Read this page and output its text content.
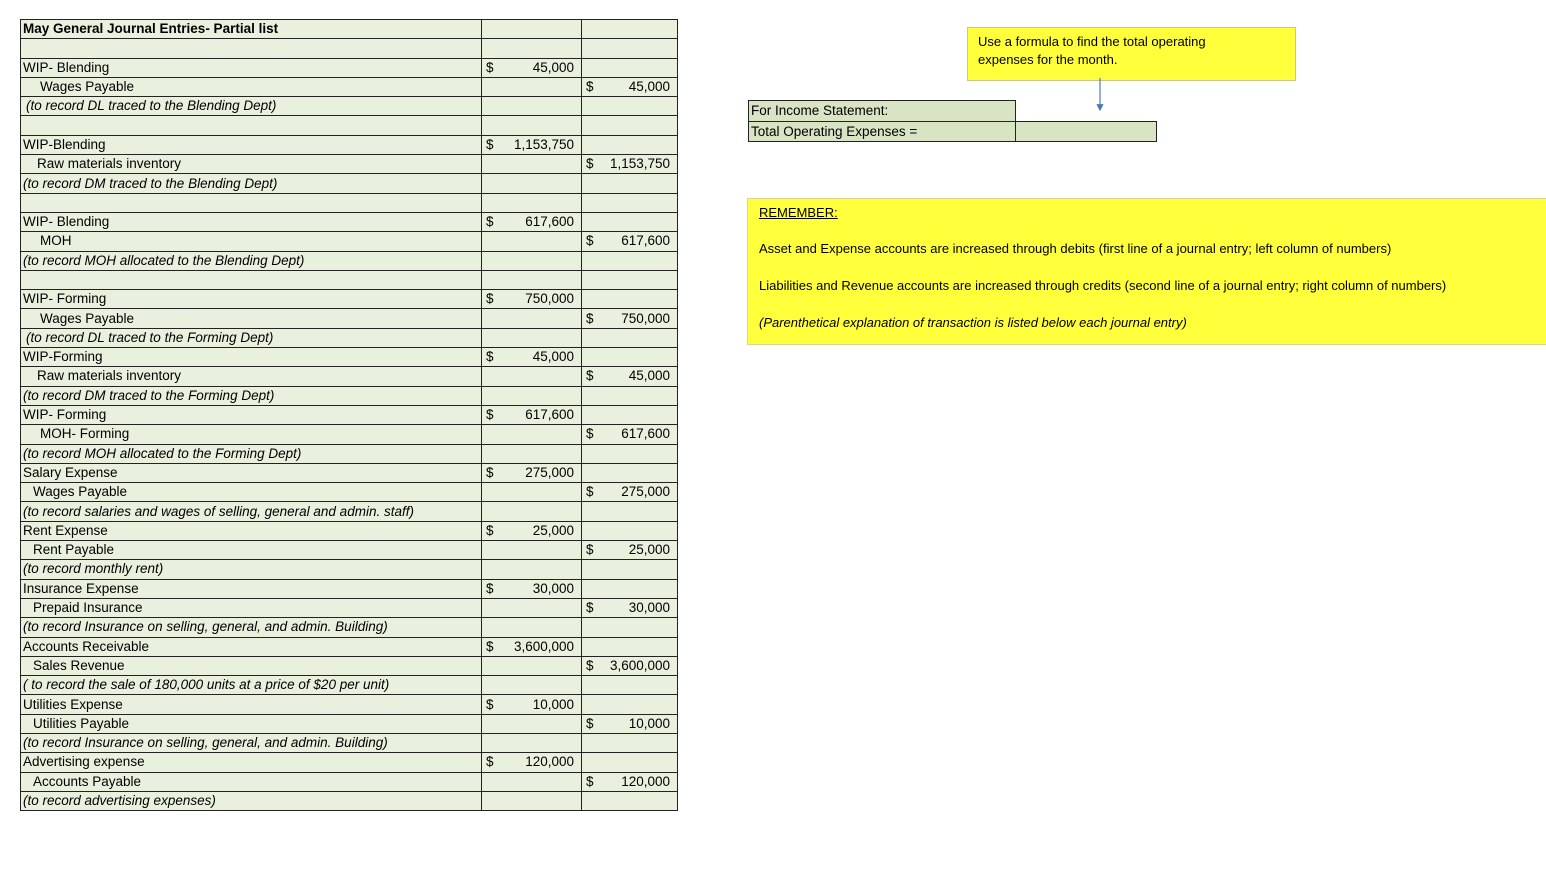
May General Journal Entries- Partial list		

WIP- Blending	$ 45,000	

Wages Payable		$ 45,000

(to record DL traced to the Blending Dept)		

WIP-Blending	$ 1,153,750	

Raw materials inventory		$ 1,153,750

(to record DM traced to the Blending Dept)		

WIP- Blending	$ 617,600	

MOH		$ 617,600

(to record MOH allocated to the Blending Dept)		

WIP- Forming	$ 750,000	

Wages Payable		$ 750,000

(to record DL traced to the Forming Dept)		
WIP-Forming	$ 45,000	

Raw materials inventory		$ 45,000

(to record DM traced to the Forming Dept)		
WIP- Forming	$ 617,600	

MOH- Forming		$ 617,600

(to record MOH allocated to the Forming Dept)		
Salary Expense	$ 275,000	

Wages Payable		$ 275,000

(to record salaries and wages of selling, general and admin. staff)		
Rent Expense	$ 25,000	

Rent Payable		$ 25,000

(to record monthly rent)		
Insurance Expense	$ 30,000	

Prepaid Insurance		$ 30,000

(to record Insurance on selling, general, and admin. Building)		
Accounts Receivable	$ 3,600,000	

Sales Revenue		$ 3,600,000

( to record the sale of 180,000 units at a price of $20 per unit)		
Utilities Expense	$ 10,000	

Utilities Payable		$ 10,000

(to record Insurance on selling, general, and admin. Building)		
Advertising expense	$ 120,000	

Accounts Payable		$ 120,000

(to record advertising expenses)		
For Income Statement:	
Total Operating Expenses =	
Use a formula to find the total operating
expenses for the month.
REMEMBER:
Asset and Expense accounts are increased through debits (first line of a journal entry; left column of numbers)
Liabilities and Revenue accounts are increased through credits (second line of a journal entry; right column of numbers)
(Parenthetical explanation of transaction is listed below each journal entry)
